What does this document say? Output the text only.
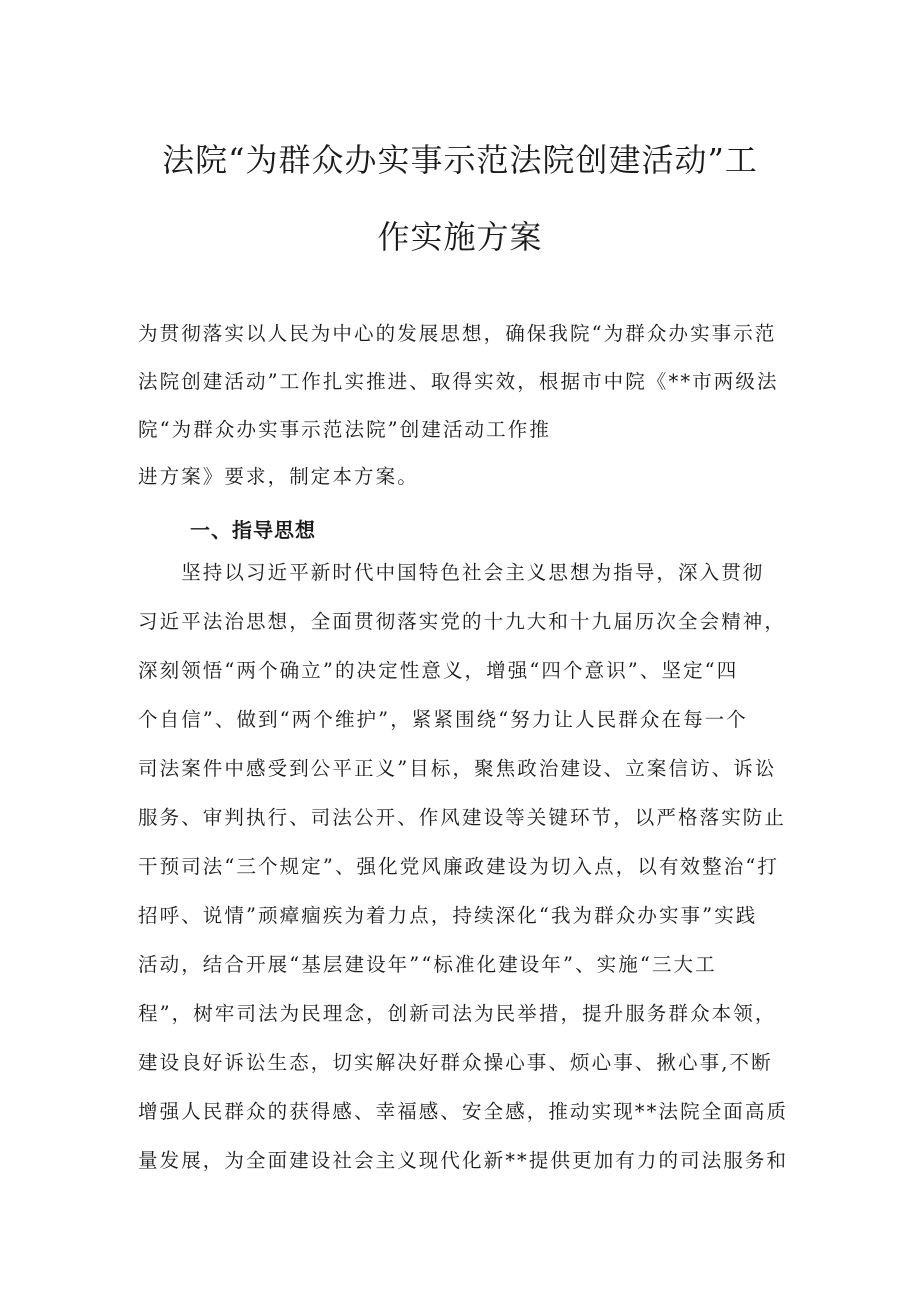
法院“为群众办实事示范法院创建活动”工
作实施方案
为贯彻落实以人民为中心的发展思想，确保我院“为群众办实事示范
法院创建活动”工作扎实推进、取得实效，根据市中院《**市两级法
院“为群众办实事示范法院”创建活动工作推
进方案》要求，制定本方案。
一、指导思想
　　坚持以习近平新时代中国特色社会主义思想为指导，深入贯彻
习近平法治思想，全面贯彻落实党的十九大和十九届历次全会精神，
深刻领悟“两个确立”的决定性意义，增强“四个意识”、坚定“四
个自信”、做到“两个维护”，紧紧围绕“努力让人民群众在每一个
司法案件中感受到公平正义”目标，聚焦政治建设、立案信访、诉讼
服务、审判执行、司法公开、作风建设等关键环节，以严格落实防止
干预司法“三个规定”、强化党风廉政建设为切入点，以有效整治“打
招呼、说情”顽瘴痼疾为着力点，持续深化“我为群众办实事”实践
活动，结合开展“基层建设年”“标准化建设年”、实施“三大工
程”，树牢司法为民理念，创新司法为民举措，提升服务群众本领，
建设良好诉讼生态，切实解决好群众操心事、烦心事、揪心事,不断
增强人民群众的获得感、幸福感、安全感，推动实现**法院全面高质
量发展，为全面建设社会主义现代化新**提供更加有力的司法服务和
